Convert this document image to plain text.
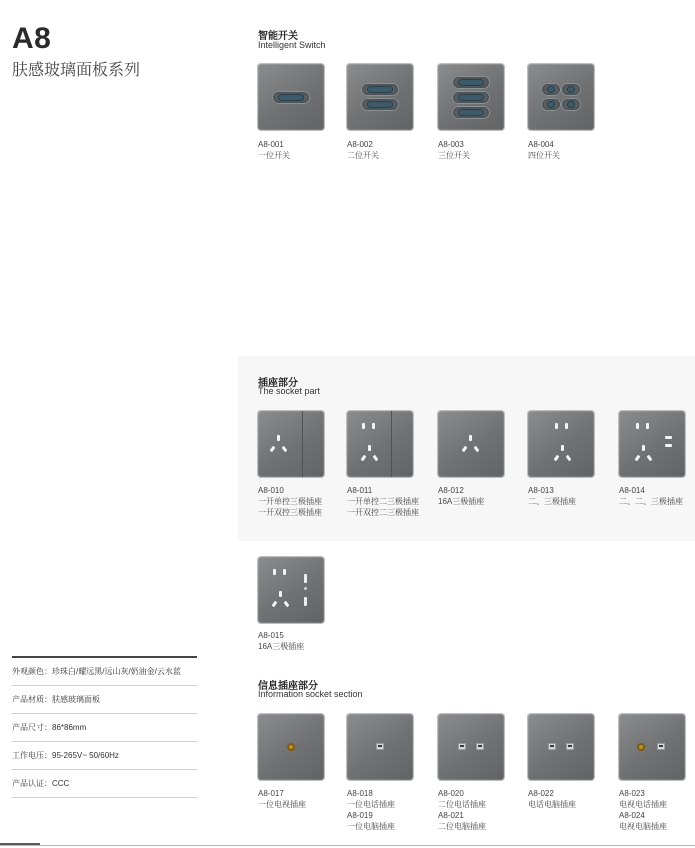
A8
肤感玻璃面板系列
智能开关
Intelligent Switch
A8-001
一位开关
A8-002
二位开关
A8-003
三位开关
A8-004
四位开关
插座部分
The socket part
A8-010
一开单控三极插座
一开双控三极插座
A8-011
一开单控二三极插座
一开双控二三极插座
A8-012
16A三极插座
A8-013
二、三极插座
A8-014
二、二、三极插座
A8-015
16A三极插座
信息插座部分
Information socket section
A8-017
一位电视插座
A8-018
一位电话插座
A8-019
一位电脑插座
A8-020
二位电话插座
A8-021
二位电脑插座
A8-022
电话电脑插座
A8-023
电视电话插座
A8-024
电视电脑插座
外观颜色：珍珠白/耀远黑/远山灰/奶油金/云水蓝
产品材质：肤感玻璃面板
产品尺寸：86*86mm
工作电压：95-265V~ 50/60Hz
产品认证：CCC
